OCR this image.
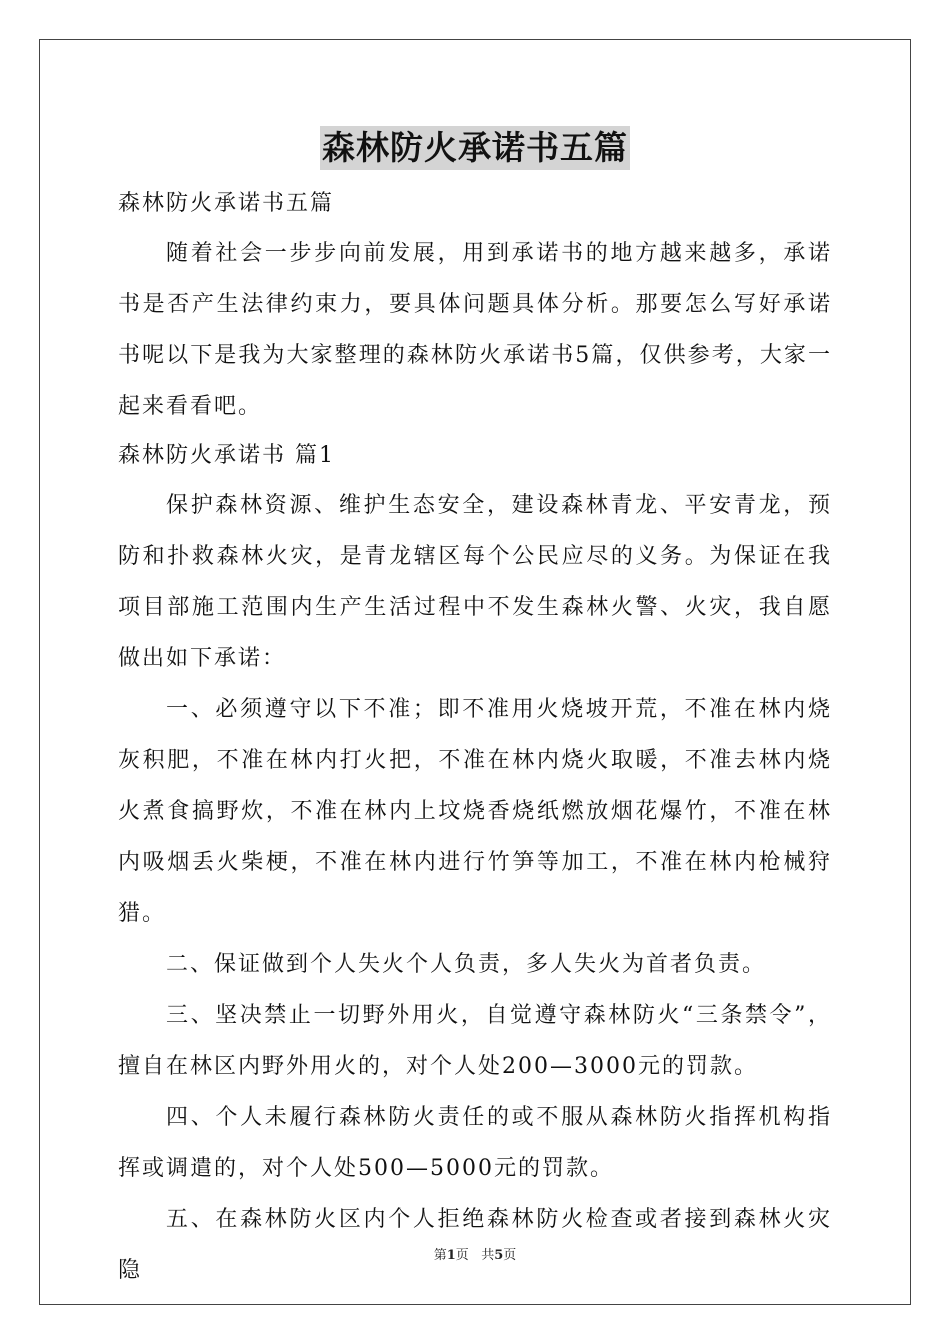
森林防火承诺书五篇

森林防火承诺书五篇

随着社会一步步向前发展，用到承诺书的地方越来越多，承诺书是否产生法律约束力，要具体问题具体分析。那要怎么写好承诺书呢以下是我为大家整理的森林防火承诺书5篇，仅供参考，大家一起来看看吧。

森林防火承诺书 篇1

保护森林资源、维护生态安全，建设森林青龙、平安青龙，预防和扑救森林火灾，是青龙辖区每个公民应尽的义务。为保证在我项目部施工范围内生产生活过程中不发生森林火警、火灾，我自愿做出如下承诺：

一、必须遵守以下不准；即不准用火烧坡开荒，不准在林内烧灰积肥，不准在林内打火把，不准在林内烧火取暖，不准去林内烧火煮食搞野炊，不准在林内上坟烧香烧纸燃放烟花爆竹，不准在林内吸烟丢火柴梗，不准在林内进行竹笋等加工，不准在林内枪械狩猎。

二、保证做到个人失火个人负责，多人失火为首者负责。

三、坚决禁止一切野外用火，自觉遵守森林防火“三条禁令”，擅自在林区内野外用火的，对个人处200—3000元的罚款。

四、个人未履行森林防火责任的或不服从森林防火指挥机构指挥或调遣的，对个人处500—5000元的罚款。

五、在森林防火区内个人拒绝森林防火检查或者接到森林火灾隐

第1页 共5页
